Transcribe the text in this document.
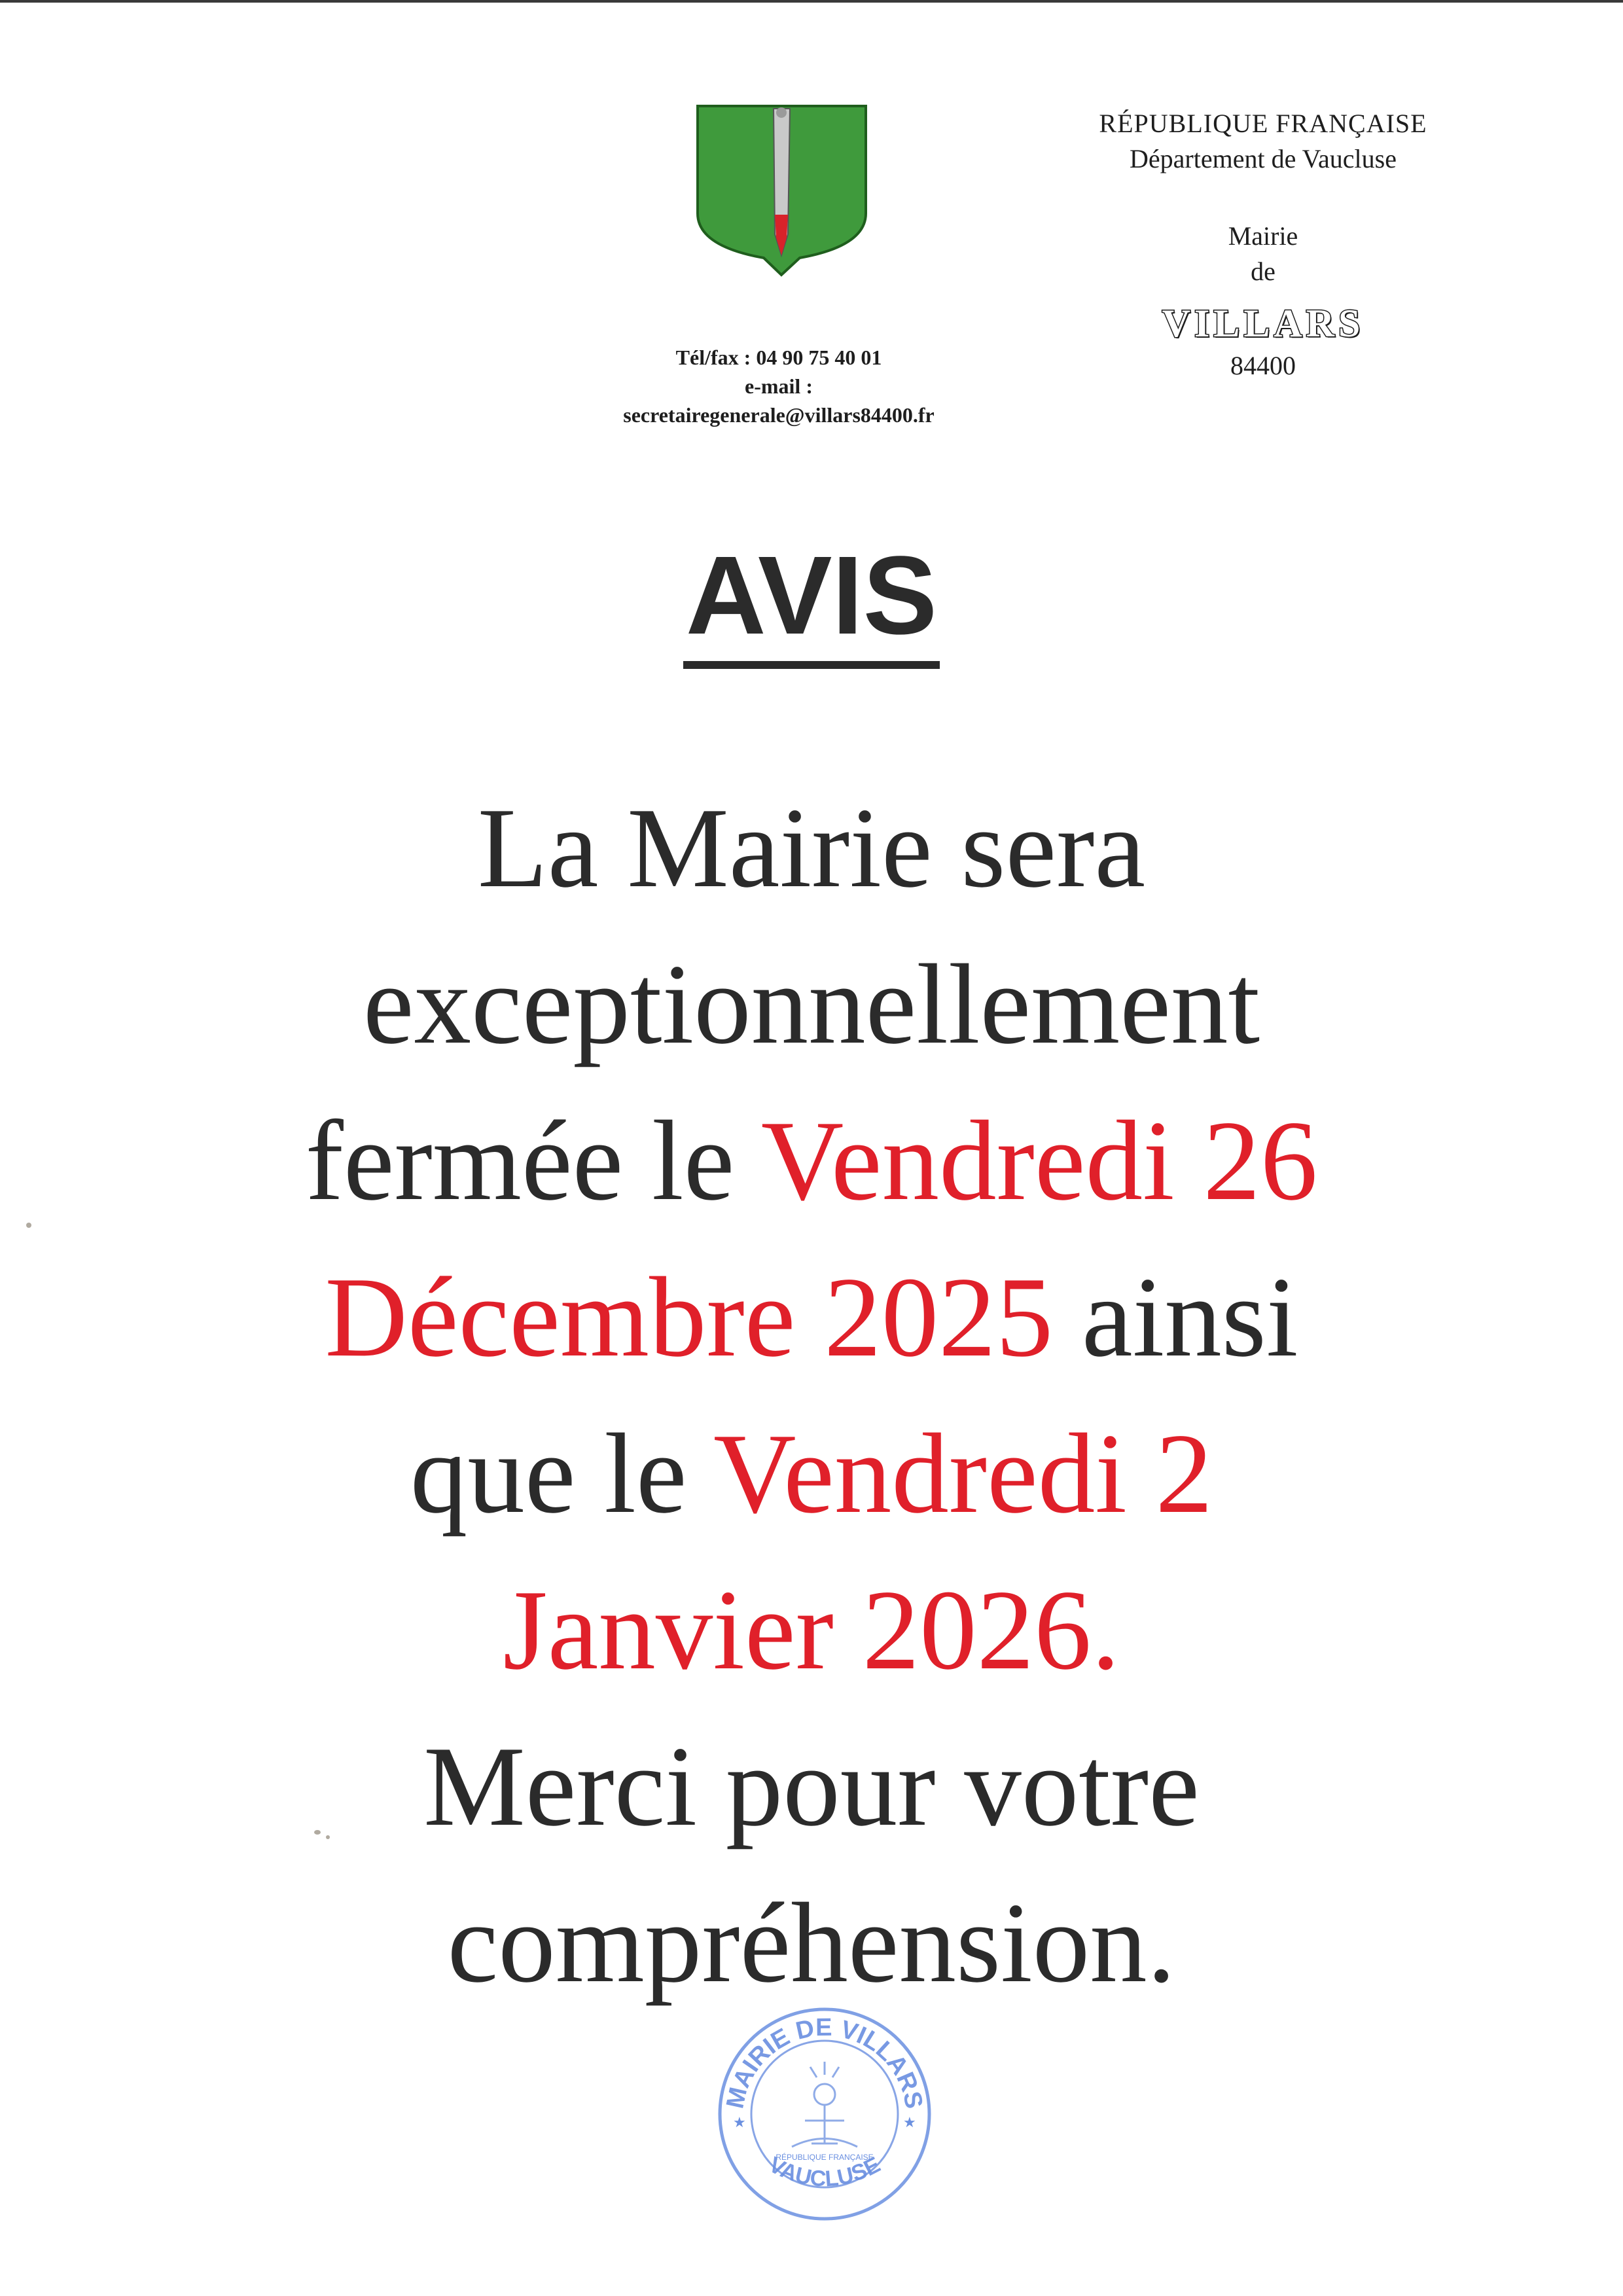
RÉPUBLIQUE FRANÇAISE
Département de Vaucluse
Mairie
de
VILLARS
84400
Tél/fax : 04 90 75 40 01
e-mail :
secretairegenerale@villars84400.fr
AVIS
La Mairie sera
exceptionnellement
fermée le Vendredi 26
Décembre 2025 ainsi
que le Vendredi 2
Janvier 2026.
Merci pour votre
compréhension.
MAIRIE DE VILLARS
VAUCLUSE
RÉPUBLIQUE FRANÇAISE
★	★
